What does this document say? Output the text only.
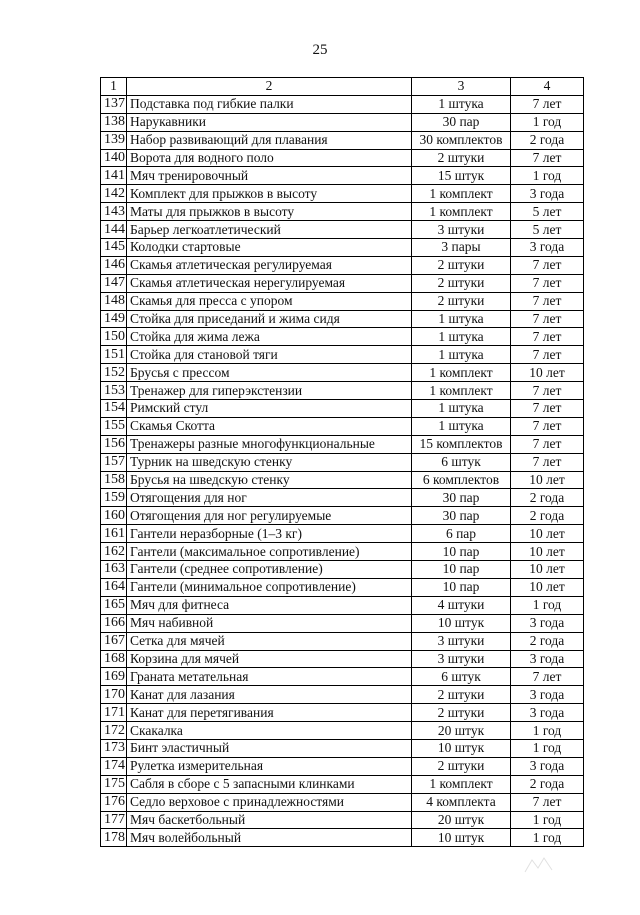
25
1	2	3	4
137	Подставка под гибкие палки	1 штука	7 лет
138	Нарукавники	30 пар	1 год
139	Набор развивающий для плавания	30 комплектов	2 года
140	Ворота для водного поло	2 штуки	7 лет
141	Мяч тренировочный	15 штук	1 год
142	Комплект для прыжков в высоту	1 комплект	3 года
143	Маты для прыжков в высоту	1 комплект	5 лет
144	Барьер легкоатлетический	3 штуки	5 лет
145	Колодки стартовые	3 пары	3 года
146	Скамья атлетическая регулируемая	2 штуки	7 лет
147	Скамья атлетическая нерегулируемая	2 штуки	7 лет
148	Скамья для пресса с упором	2 штуки	7 лет
149	Стойка для приседаний и жима сидя	1 штука	7 лет
150	Стойка для жима лежа	1 штука	7 лет
151	Стойка для становой тяги	1 штука	7 лет
152	Брусья с прессом	1 комплект	10 лет
153	Тренажер для гиперэкстензии	1 комплект	7 лет
154	Римский стул	1 штука	7 лет
155	Скамья Скотта	1 штука	7 лет
156	Тренажеры разные многофункциональные	15 комплектов	7 лет
157	Турник на шведскую стенку	6 штук	7 лет
158	Брусья на шведскую стенку	6 комплектов	10 лет
159	Отягощения для ног	30 пар	2 года
160	Отягощения для ног регулируемые	30 пар	2 года
161	Гантели неразборные (1–3 кг)	6 пар	10 лет
162	Гантели (максимальное сопротивление)	10 пар	10 лет
163	Гантели (среднее сопротивление)	10 пар	10 лет
164	Гантели (минимальное сопротивление)	10 пар	10 лет
165	Мяч для фитнеса	4 штуки	1 год
166	Мяч набивной	10 штук	3 года
167	Сетка для мячей	3 штуки	2 года
168	Корзина для мячей	3 штуки	3 года
169	Граната метательная	6 штук	7 лет
170	Канат для лазания	2 штуки	3 года
171	Канат для перетягивания	2 штуки	3 года
172	Скакалка	20 штук	1 год
173	Бинт эластичный	10 штук	1 год
174	Рулетка измерительная	2 штуки	3 года
175	Сабля в сборе с 5 запасными клинками	1 комплект	2 года
176	Седло верховое с принадлежностями	4 комплекта	7 лет
177	Мяч баскетбольный	20 штук	1 год
178	Мяч волейбольный	10 штук	1 год
